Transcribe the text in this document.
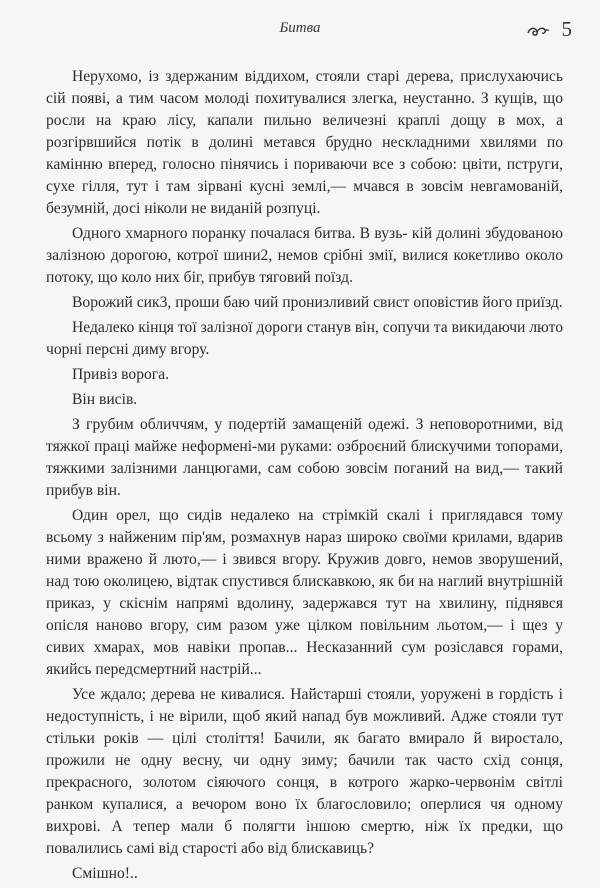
Битва	5

Нерухомо, із здержаним віддихом, стояли старі дерева, прислухаючись сій появі, а тим часом молоді похитувалися злегка, неустанно. З кущів, що росли на краю лісу, капали пильно величезні краплі дощу в мох, а розгірвшийся потік в долині метався брудно нескладними хвилями по камінню вперед, голосно пінячись і пориваючи все з собою: цвіти, пструги, сухе гілля, тут і там зірвані кусні землі,— мчався в зовсім невгамованій, безумній, досі ніколи не виданій розпуці.

Одного хмарного поранку почалася битва. В вузь- кій долині збудованою залізною дорогою, котрої шини2, немов срібні змії, вилися кокетливо около потоку, що коло них біг, прибув тяговий поїзд.

Ворожий сик3, проши баю чий пронизливий свист оповістив його приїзд.

Недалеко кінця тої залізної дороги станув він, сопучи та викидаючи люто чорні персні диму вгору.

Привіз ворога.

Він висів.

З грубим обличчям, у подертій замащеній одежі. З неповоротними, від тяжкої праці майже неформені-ми руками: озброєний блискучими топорами, тяжкими залізними ланцюгами, сам собою зовсім поганий на вид,— такий прибув він.

Один орел, що сидів недалеко на стрімкій скалі і приглядався тому всьому з найженим пір'ям, розмахнув нараз широко своїми крилами, вдарив ними вражено й люто,— і звився вгору. Кружив довго, немов зворушений, над тою околицею, відтак спустився блискавкою, як би на наглий внутрішній приказ, у скіснім напрямі вдолину, задержався тут на хвилину, піднявся опісля наново вгору, сим разом уже цілком повільним льотом,— і щез у сивих хмарах, мов навіки пропав... Несказанний сум розіслався горами, якийсь передсмертний настрій...

Усе ждало; дерева не кивалися. Найстарші стояли, уоружені в гордість і недоступність, і не вірили, щоб який напад був можливий. Адже стояли тут стільки років — цілі століття! Бачили, як багато вмирало й виростало, прожили не одну весну, чи одну зиму; бачили так часто схід сонця, прекрасного, золотом сіяючого сонця, в котрого жарко-червонім світлі ранком купалися, а вечором воно їх благословило; оперлися чя одному вихрові. А тепер мали б полягти іншою смертю, ніж їх предки, що повалились самі від старості або від блискавиць?

Смішно!..
